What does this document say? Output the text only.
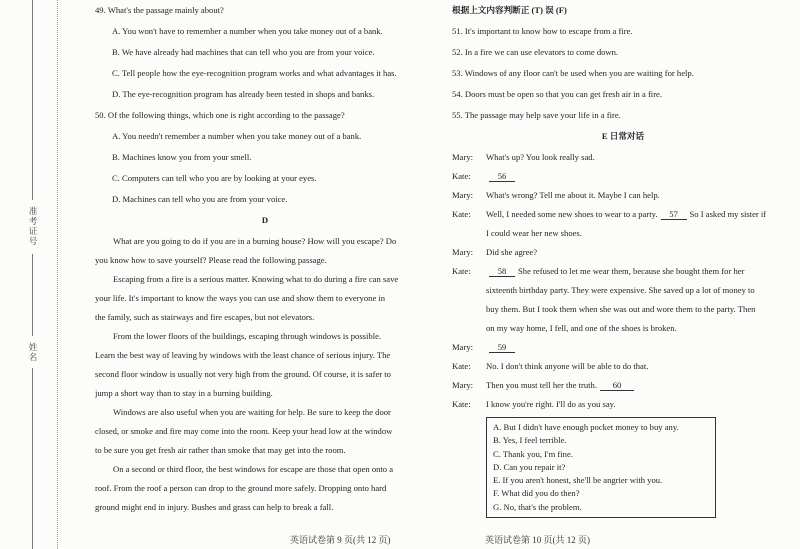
准考证号
姓名
49. What's the passage mainly about?
A. You won't have to remember a number when you take money out of a bank.
B. We have already had machines that can tell who you are from your voice.
C. Tell people how the eye-recognition program works and what advantages it has.
D. The eye-recognition program has already been tested in shops and banks.
50. Of the following things, which one is right according to the passage?
A. You needn't remember a number when you take money out of a bank.
B. Machines know you from your smell.
C. Computers can tell who you are by looking at your eyes.
D. Machines can tell who you are from your voice.
D
What are you going to do if you are in a burning house? How will you escape? Do
you know how to save yourself? Please read the following passage.
Escaping from a fire is a serious matter. Knowing what to do during a fire can save
your life. It's important to know the ways you can use and show them to everyone in
the family, such as stairways and fire escapes, but not elevators.
From the lower floors of the buildings, escaping through windows is possible.
Learn the best way of leaving by windows with the least chance of serious injury. The
second floor window is usually not very high from the ground. Of course, it is safer to
jump a short way than to stay in a burning building.
Windows are also useful when you are waiting for help. Be sure to keep the door
closed, or smoke and fire may come into the room. Keep your head low at the window
to be sure you get fresh air rather than smoke that may get into the room.
On a second or third floor, the best windows for escape are those that open onto a
roof. From the roof a person can drop to the ground more safely. Dropping onto hard
ground might end in injury. Bushes and grass can help to break a fall.
根据上文内容判断正 (T) 误 (F)
51. It's important to know how to escape from a fire.
52. In a fire we can use elevators to come down.
53. Windows of any floor can't be used when you are waiting for help.
54. Doors must be open so that you can get fresh air in a fire.
55. The passage may help save your life in a fire.
E 日常对话
Mary: What's up? You look really sad.
Kate:	56
Mary: What's wrong? Tell me about it. Maybe I can help.
Kate: Well, I needed some new shoes to wear to a party. 57 So I asked my sister if
I could wear her new shoes.
Mary: Did she agree?
Kate:	58 She refused to let me wear them, because she bought them for her
sixteenth birthday party. They were expensive. She saved up a lot of money to
buy them. But I took them when she was out and wore them to the party. Then
on my way home, I fell, and one of the shoes is broken.
Mary:	59
Kate: No. I don't think anyone will be able to do that.
Mary: Then you must tell her the truth. 60
Kate: I know you're right. I'll do as you say.
A. But I didn't have enough pocket money to buy any.
B. Yes, I feel terrible.
C. Thank you, I'm fine.
D. Can you repair it?
E. If you aren't honest, she'll be angrier with you.
F. What did you do then?
G. No, that's the problem.
英语试卷第 9 页(共 12 页)	英语试卷第 10 页(共 12 页)
